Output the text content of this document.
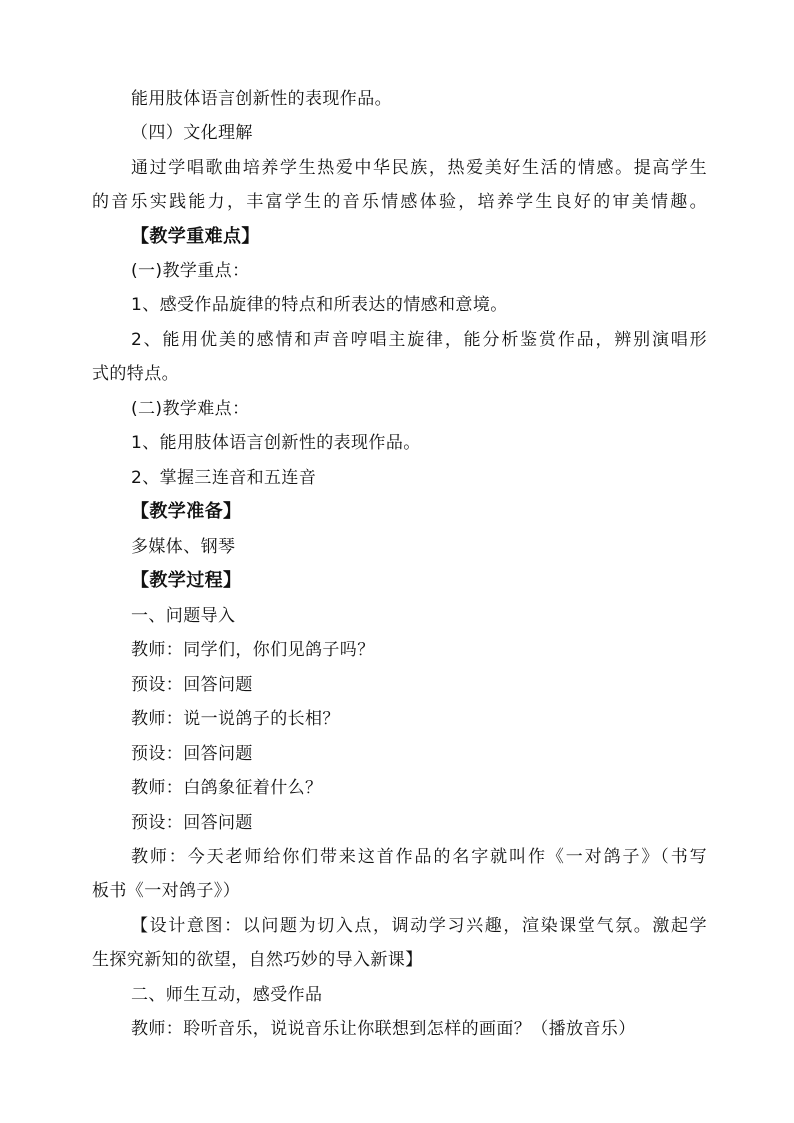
能用肢体语言创新性的表现作品。
（四）文化理解
通过学唱歌曲培养学生热爱中华民族，热爱美好生活的情感。提高学生
的音乐实践能力，丰富学生的音乐情感体验，培养学生良好的审美情趣。
【教学重难点】
(一)教学重点：
1、感受作品旋律的特点和所表达的情感和意境。
2、能用优美的感情和声音哼唱主旋律，能分析鉴赏作品，辨别演唱形
式的特点。
(二)教学难点：
1、能用肢体语言创新性的表现作品。
2、掌握三连音和五连音
【教学准备】
多媒体、钢琴
【教学过程】
一、问题导入
教师：同学们，你们见鸽子吗？
预设：回答问题
教师：说一说鸽子的长相？
预设：回答问题
教师：白鸽象征着什么？
预设：回答问题
教师：今天老师给你们带来这首作品的名字就叫作《一对鸽子》（书写
板书《一对鸽子》）
【设计意图：以问题为切入点，调动学习兴趣，渲染课堂气氛。激起学
生探究新知的欲望，自然巧妙的导入新课】
二、师生互动，感受作品
教师：聆听音乐，说说音乐让你联想到怎样的画面？（播放音乐）
